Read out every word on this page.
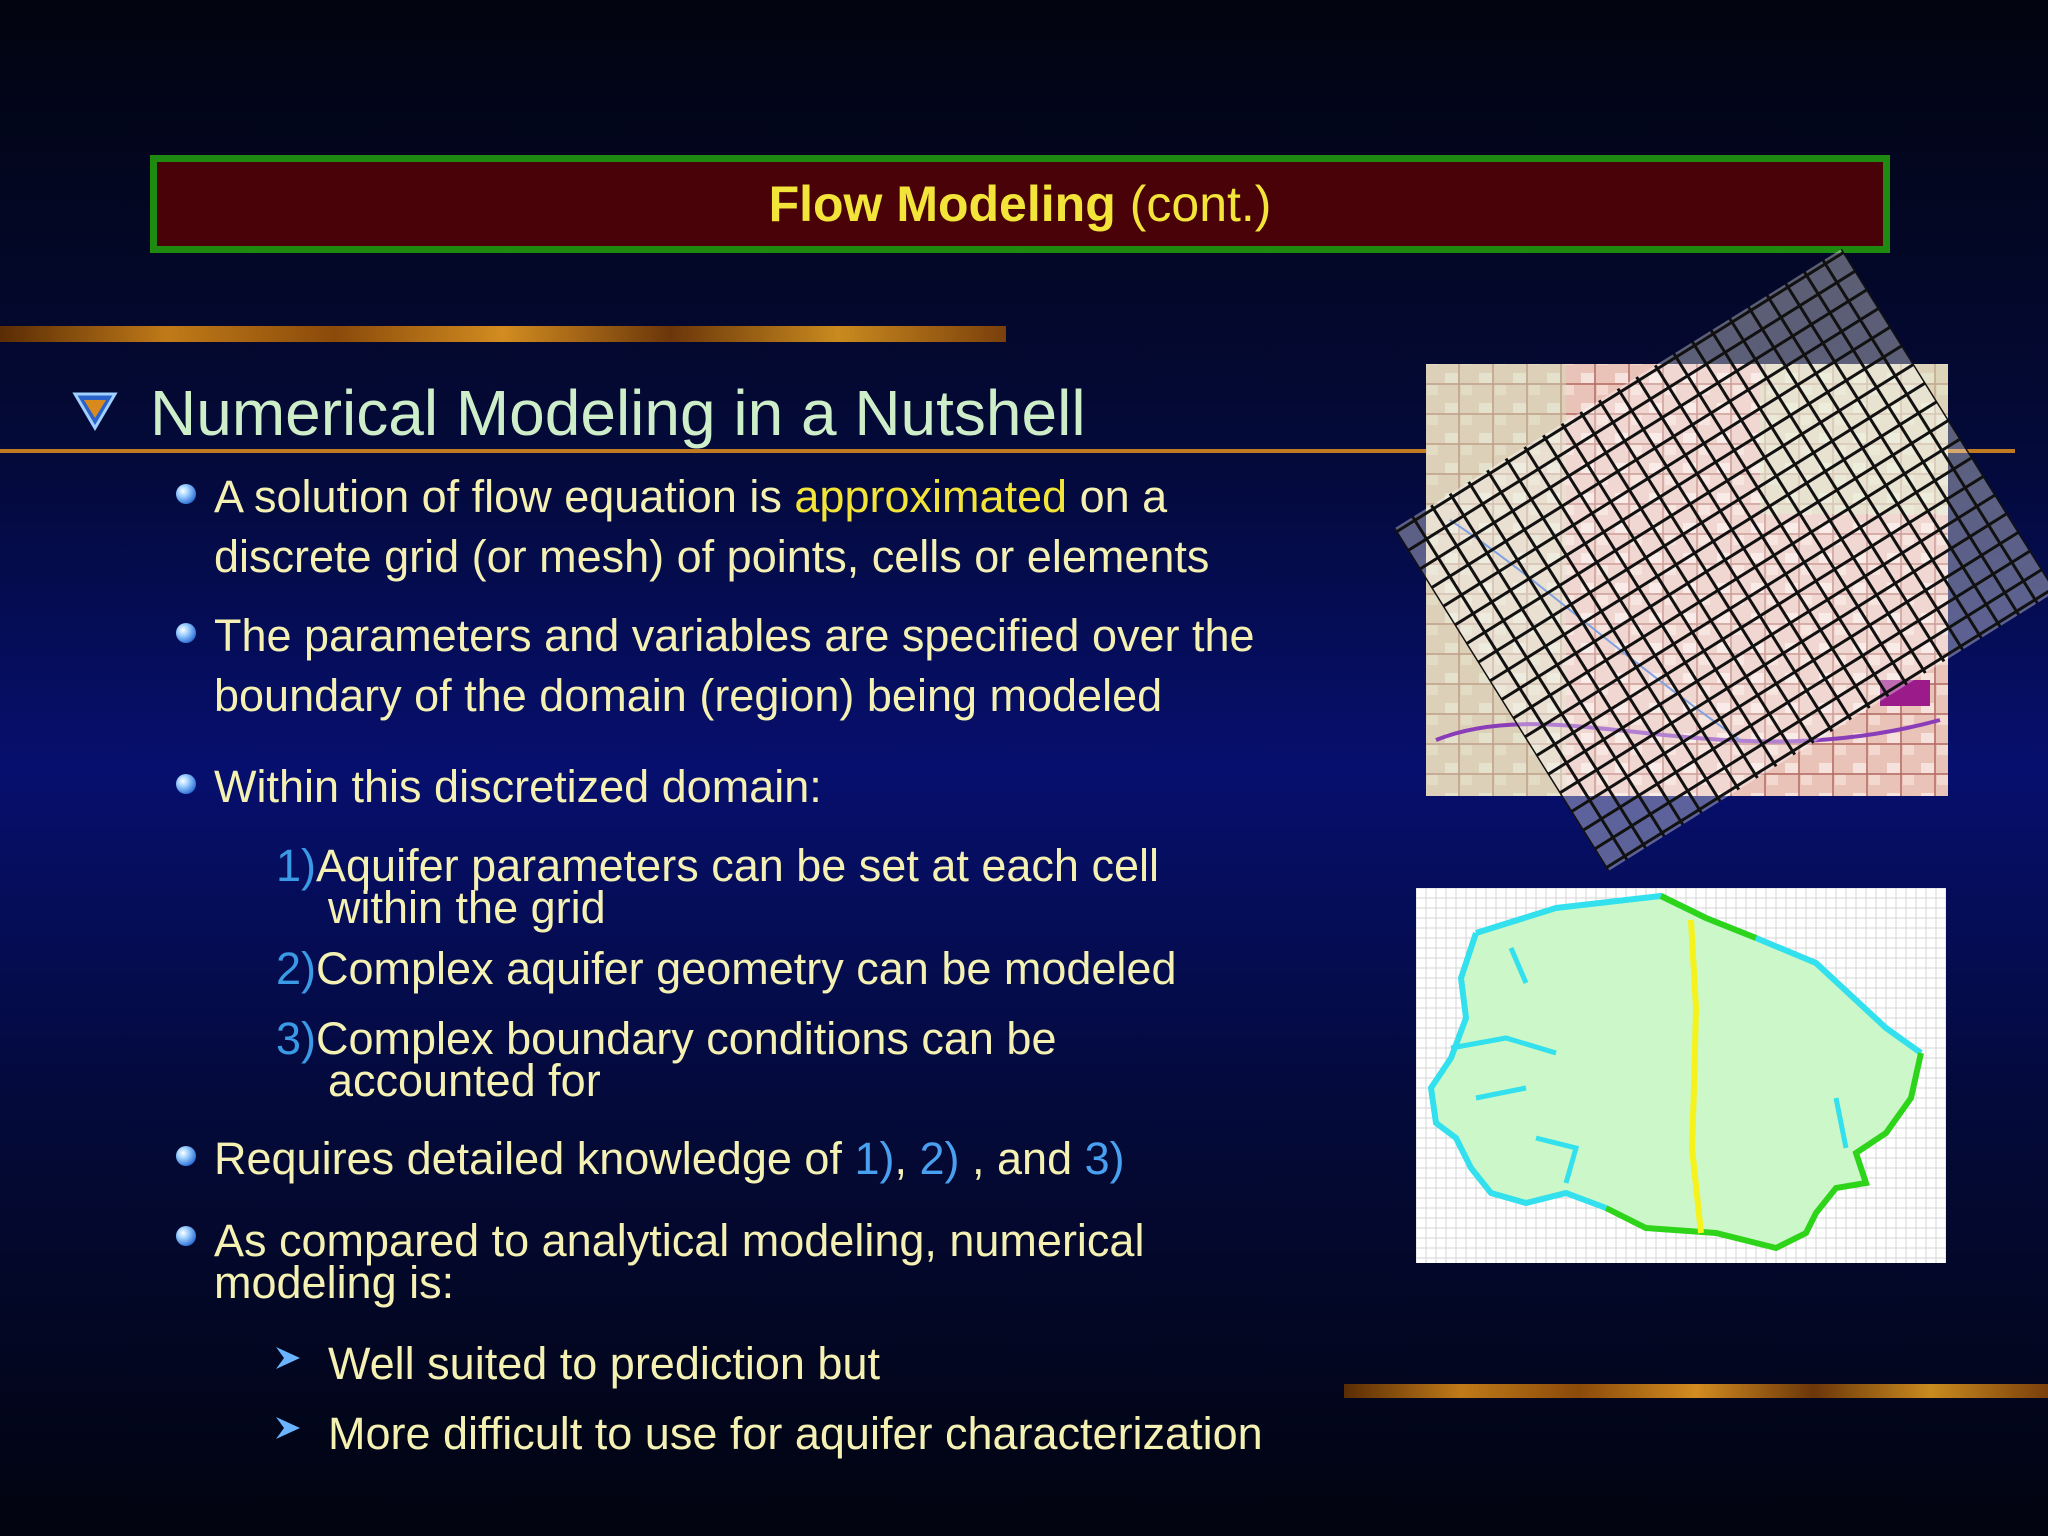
Flow Modeling (cont.)
Numerical Modeling in a Nutshell
A solution of flow equation is approximated on a
discrete grid (or mesh) of points, cells or elements
The parameters and variables are specified over the
boundary of the domain (region) being modeled
Within this discretized domain:
1)Aquifer parameters can be set at each cell
within the grid
2)Complex aquifer geometry can be modeled
3)Complex boundary conditions can be
accounted for
Requires detailed knowledge of 1), 2) , and 3)
As compared to analytical modeling, numerical
modeling is:
Well suited to prediction but
More difficult to use for aquifer characterization
